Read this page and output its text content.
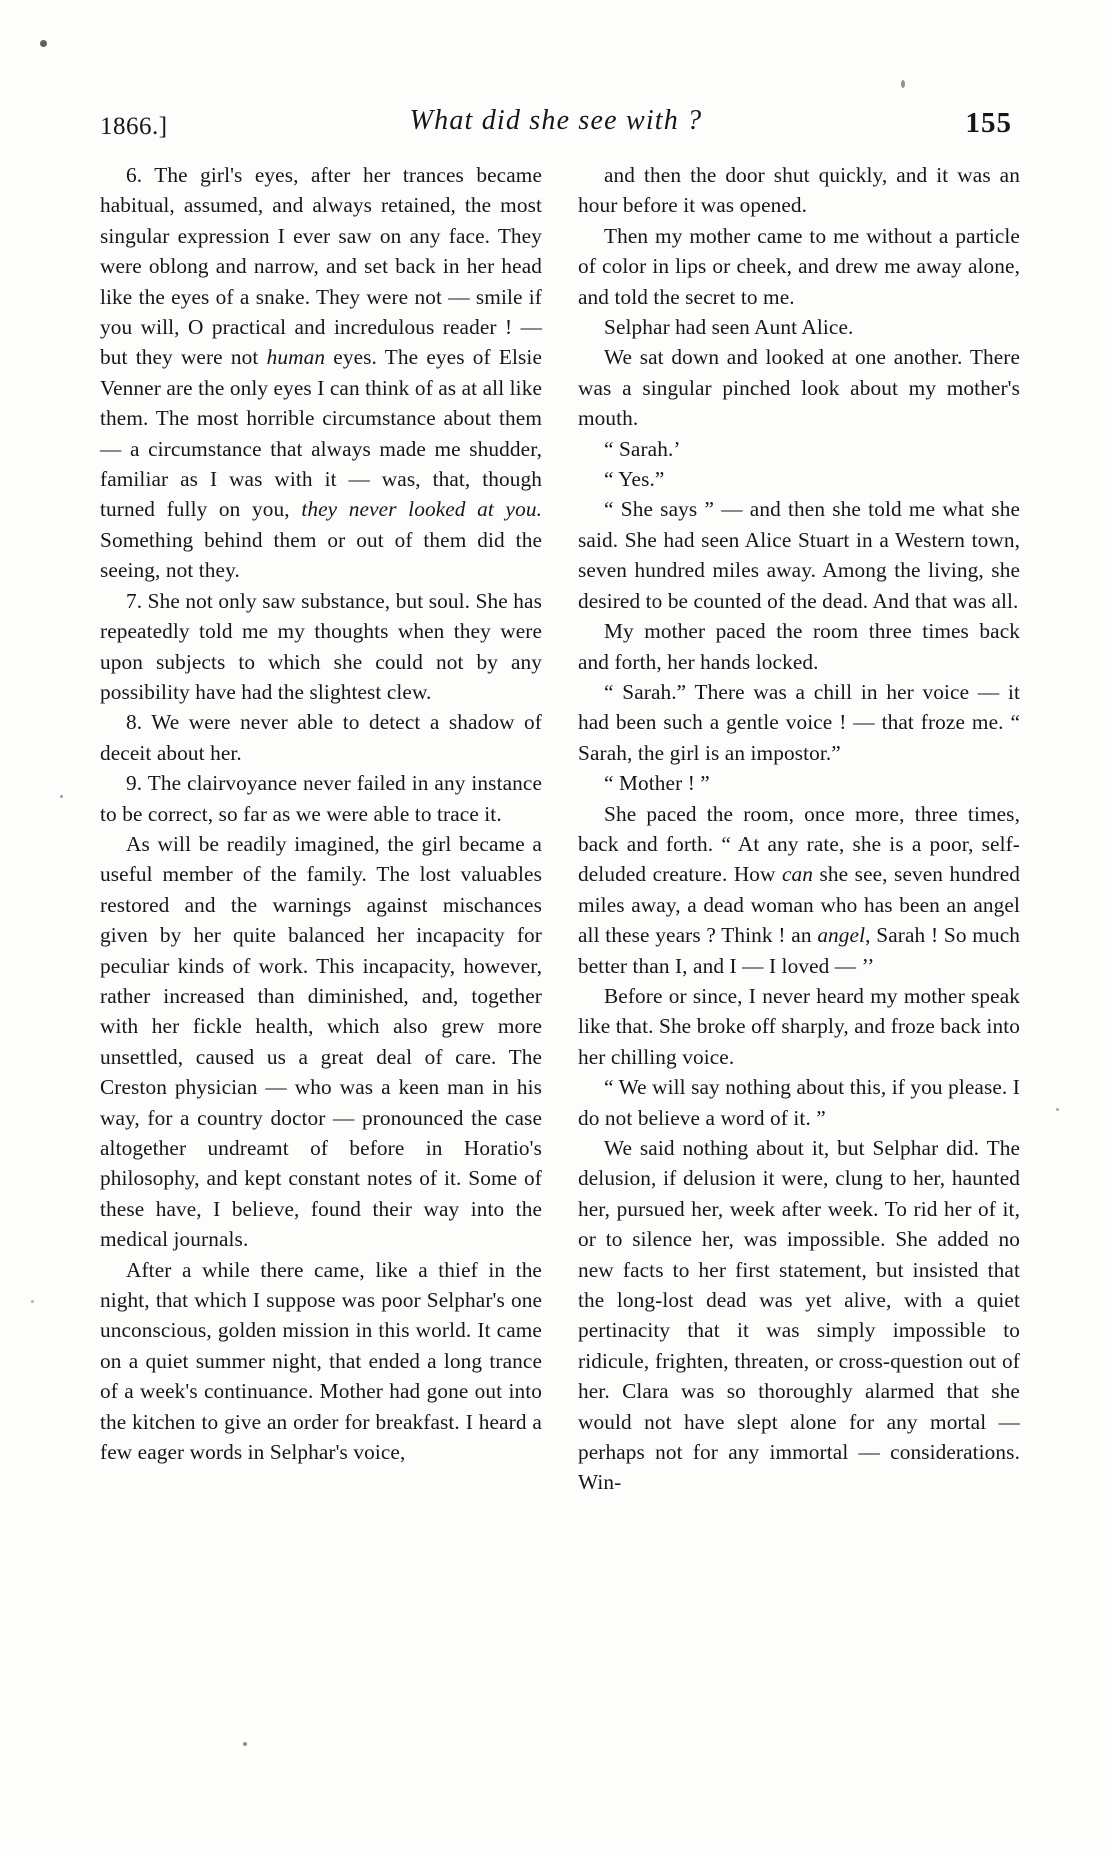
1866.]	What did she see with ?	155

6. The girl's eyes, after her trances became habitual, assumed, and always retained, the most singular expression I ever saw on any face. They were oblong and narrow, and set back in her head like the eyes of a snake. They were not — smile if you will, O practical and incredulous reader ! — but they were not human eyes. The eyes of Elsie Venner are the only eyes I can think of as at all like them. The most horrible circumstance about them — a circumstance that always made me shudder, familiar as I was with it — was, that, though turned fully on you, they never looked at you. Something behind them or out of them did the seeing, not they.

7. She not only saw substance, but soul. She has repeatedly told me my thoughts when they were upon subjects to which she could not by any possibility have had the slightest clew.

8. We were never able to detect a shadow of deceit about her.

9. The clairvoyance never failed in any instance to be correct, so far as we were able to trace it.

As will be readily imagined, the girl became a useful member of the family. The lost valuables restored and the warnings against mischances given by her quite balanced her incapacity for peculiar kinds of work. This incapacity, however, rather increased than diminished, and, together with her fickle health, which also grew more unsettled, caused us a great deal of care. The Creston physician — who was a keen man in his way, for a country doctor — pronounced the case altogether undreamt of before in Horatio's philosophy, and kept constant notes of it. Some of these have, I believe, found their way into the medical journals.

After a while there came, like a thief in the night, that which I suppose was poor Selphar's one unconscious, golden mission in this world. It came on a quiet summer night, that ended a long trance of a week's continuance. Mother had gone out into the kitchen to give an order for breakfast. I heard a few eager words in Selphar's voice,

and then the door shut quickly, and it was an hour before it was opened.

Then my mother came to me without a particle of color in lips or cheek, and drew me away alone, and told the secret to me.

Selphar had seen Aunt Alice.

We sat down and looked at one another. There was a singular pinched look about my mother's mouth.

“ Sarah.’

“ Yes.”

“ She says ” — and then she told me what she said. She had seen Alice Stuart in a Western town, seven hundred miles away. Among the living, she desired to be counted of the dead. And that was all.

My mother paced the room three times back and forth, her hands locked.

“ Sarah.” There was a chill in her voice — it had been such a gentle voice ! — that froze me. “ Sarah, the girl is an impostor.”

“ Mother ! ”

She paced the room, once more, three times, back and forth. “ At any rate, she is a poor, self-deluded creature. How can she see, seven hundred miles away, a dead woman who has been an angel all these years ? Think ! an angel, Sarah ! So much better than I, and I — I loved — ’’

Before or since, I never heard my mother speak like that. She broke off sharply, and froze back into her chilling voice.

“ We will say nothing about this, if you please. I do not believe a word of it. ”

We said nothing about it, but Selphar did. The delusion, if delusion it were, clung to her, haunted her, pursued her, week after week. To rid her of it, or to silence her, was impossible. She added no new facts to her first statement, but insisted that the long-lost dead was yet alive, with a quiet pertinacity that it was simply impossible to ridicule, frighten, threaten, or cross-question out of her. Clara was so thoroughly alarmed that she would not have slept alone for any mortal — perhaps not for any immortal — considerations. Win-
